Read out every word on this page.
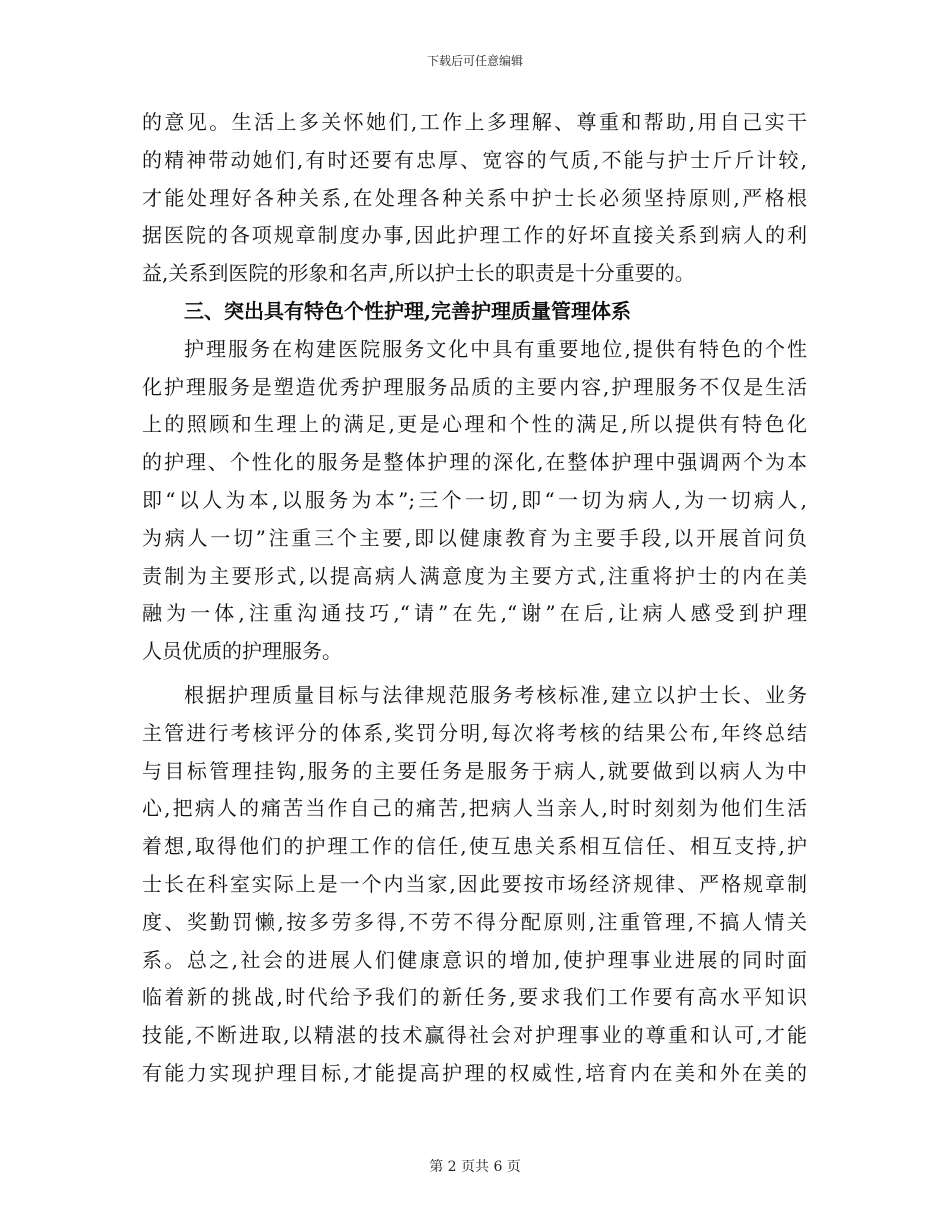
下载后可任意编辑
的意见。生活上多关怀她们,工作上多理解、尊重和帮助,用自己实干
的精神带动她们,有时还要有忠厚、宽容的气质,不能与护士斤斤计较,
才能处理好各种关系,在处理各种关系中护士长必须坚持原则,严格根
据医院的各项规章制度办事,因此护理工作的好坏直接关系到病人的利
益,关系到医院的形象和名声,所以护士长的职责是十分重要的。
三、突出具有特色个性护理,完善护理质量管理体系
护理服务在构建医院服务文化中具有重要地位,提供有特色的个性
化护理服务是塑造优秀护理服务品质的主要内容,护理服务不仅是生活
上的照顾和生理上的满足,更是心理和个性的满足,所以提供有特色化
的护理、个性化的服务是整体护理的深化,在整体护理中强调两个为本
即“以人为本,以服务为本”;三个一切,即“一切为病人,为一切病人,
为病人一切”注重三个主要,即以健康教育为主要手段,以开展首问负
责制为主要形式,以提高病人满意度为主要方式,注重将护士的内在美
融为一体,注重沟通技巧,“请”在先,“谢”在后,让病人感受到护理
人员优质的护理服务。
根据护理质量目标与法律规范服务考核标准,建立以护士长、业务
主管进行考核评分的体系,奖罚分明,每次将考核的结果公布,年终总结
与目标管理挂钩,服务的主要任务是服务于病人,就要做到以病人为中
心,把病人的痛苦当作自己的痛苦,把病人当亲人,时时刻刻为他们生活
着想,取得他们的护理工作的信任,使互患关系相互信任、相互支持,护
士长在科室实际上是一个内当家,因此要按市场经济规律、严格规章制
度、奖勤罚懒,按多劳多得,不劳不得分配原则,注重管理,不搞人情关
系。总之,社会的进展人们健康意识的增加,使护理事业进展的同时面
临着新的挑战,时代给予我们的新任务,要求我们工作要有高水平知识
技能,不断进取,以精湛的技术赢得社会对护理事业的尊重和认可,才能
有能力实现护理目标,才能提高护理的权威性,培育内在美和外在美的
第 2 页共 6 页
